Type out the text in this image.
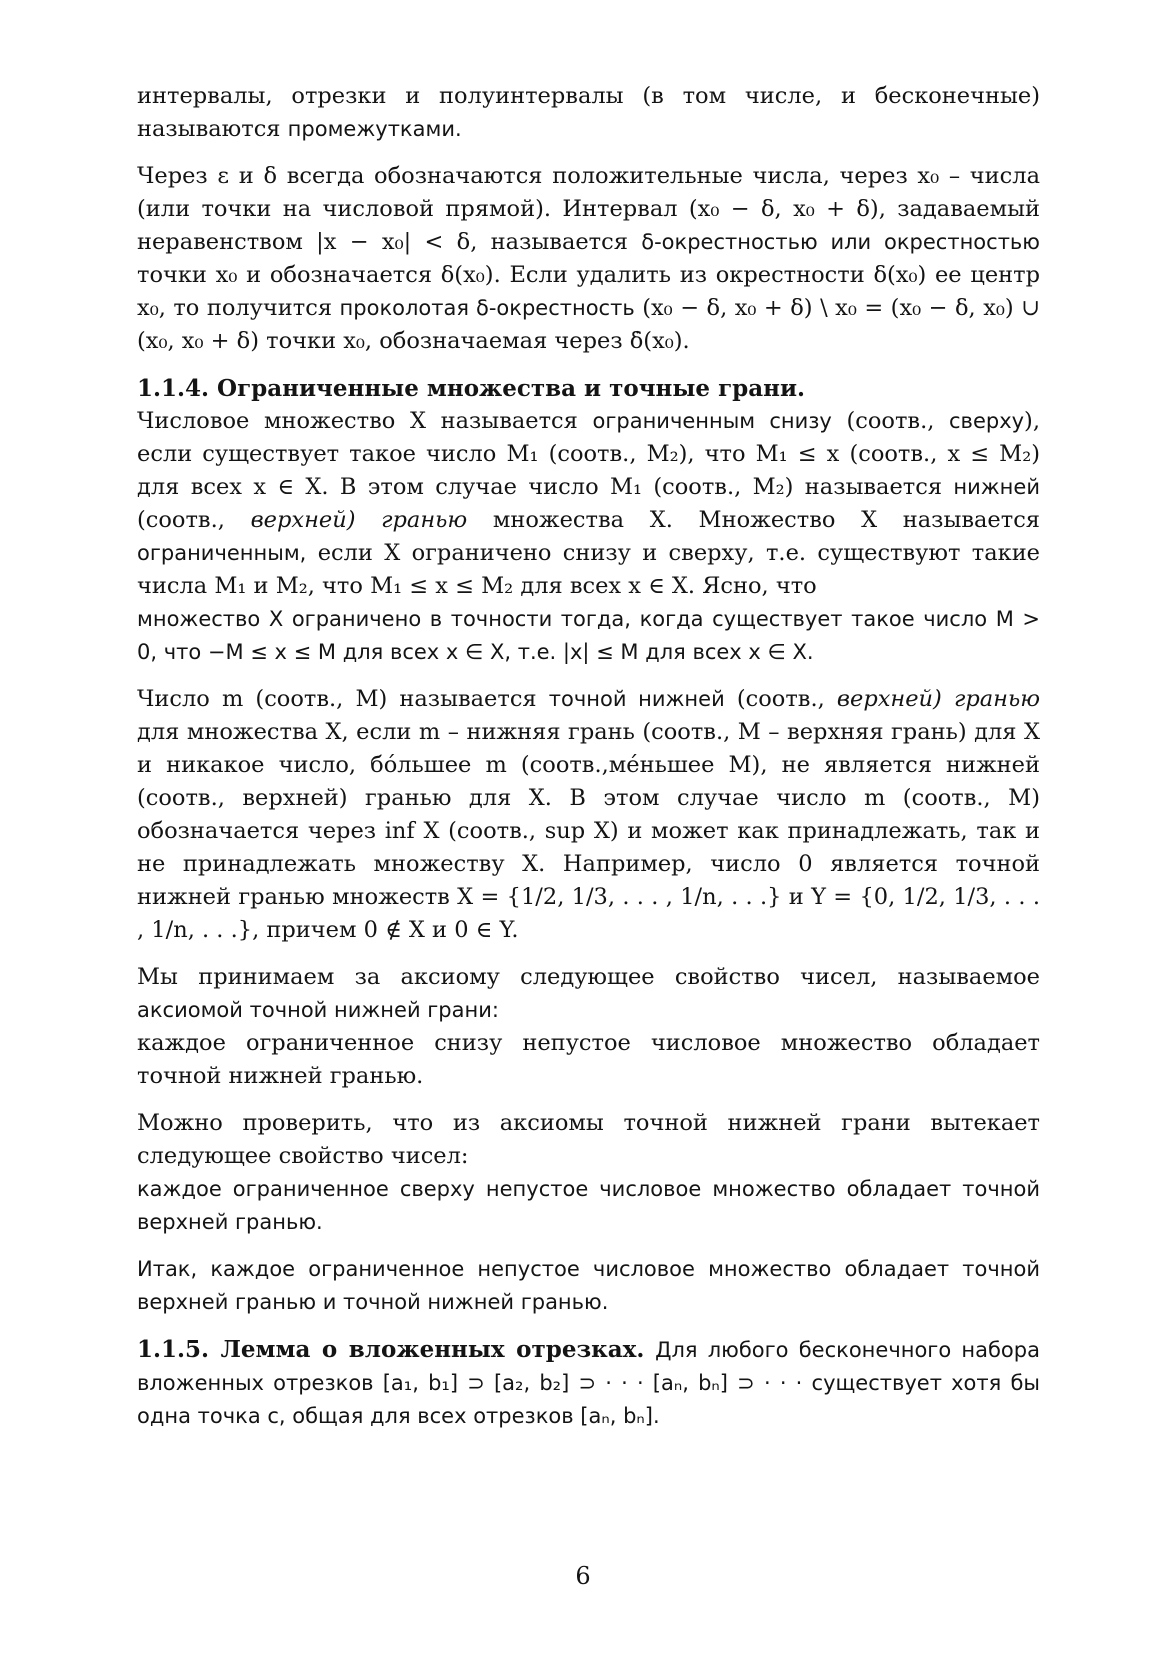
интервалы, отрезки и полуинтервалы (в том числе, и бесконечные) называются промежутками.

Через ε и δ всегда обозначаются положительные числа, через x₀ – числа (или точки на числовой прямой). Интервал (x₀ − δ, x₀ + δ), задаваемый неравенством |x − x₀| < δ, называется δ-окрестностью или окрестностью точки x₀ и обозначается δ(x₀). Если удалить из окрестности δ(x₀) ее центр x₀, то получится проколотая δ-окрестность (x₀ − δ, x₀ + δ) \ x₀ = (x₀ − δ, x₀) ∪ (x₀, x₀ + δ) точки x₀, обозначаемая через δ̇(x₀).

1.1.4. Ограниченные множества и точные грани.

Числовое множество X называется ограниченным снизу (соотв., сверху), если существует такое число M₁ (соотв., M₂), что M₁ ≤ x (соотв., x ≤ M₂) для всех x ∈ X. В этом случае число M₁ (соотв., M₂) называется нижней (соотв., верхней) гранью множества X. Множество X называется ограниченным, если X ограничено снизу и сверху, т.е. существуют такие числа M₁ и M₂, что M₁ ≤ x ≤ M₂ для всех x ∈ X. Ясно, что

множество X ограничено в точности тогда, когда существует такое число M > 0, что −M ≤ x ≤ M для всех x ∈ X, т.е. |x| ≤ M для всех x ∈ X.

Число m (соотв., M) называется точной нижней (соотв., верхней) гранью для множества X, если m – нижняя грань (соотв., M – верхняя грань) для X и никакое число, бóльшее m (соотв.,мéньшее M), не является нижней (соотв., верхней) гранью для X. В этом случае число m (соотв., M) обозначается через inf X (соотв., sup X) и может как принадлежать, так и не принадлежать множеству X. Например, число 0 является точной нижней гранью множеств X = {1/2, 1/3, . . . , 1/n, . . .} и Y = {0, 1/2, 1/3, . . . , 1/n, . . .}, причем 0 ∉ X и 0 ∈ Y.

Мы принимаем за аксиому следующее свойство чисел, называемое аксиомой точной нижней грани:

каждое ограниченное снизу непустое числовое множество обладает точной нижней гранью.

Можно проверить, что из аксиомы точной нижней грани вытекает следующее свойство чисел:

каждое ограниченное сверху непустое числовое множество обладает точной верхней гранью.

Итак, каждое ограниченное непустое числовое множество обладает точной верхней гранью и точной нижней гранью.

1.1.5. Лемма о вложенных отрезках. Для любого бесконечного набора вложенных отрезков [a₁, b₁] ⊃ [a₂, b₂] ⊃ · · · [aₙ, bₙ] ⊃ · · · существует хотя бы одна точка c, общая для всех отрезков [aₙ, bₙ].

6
